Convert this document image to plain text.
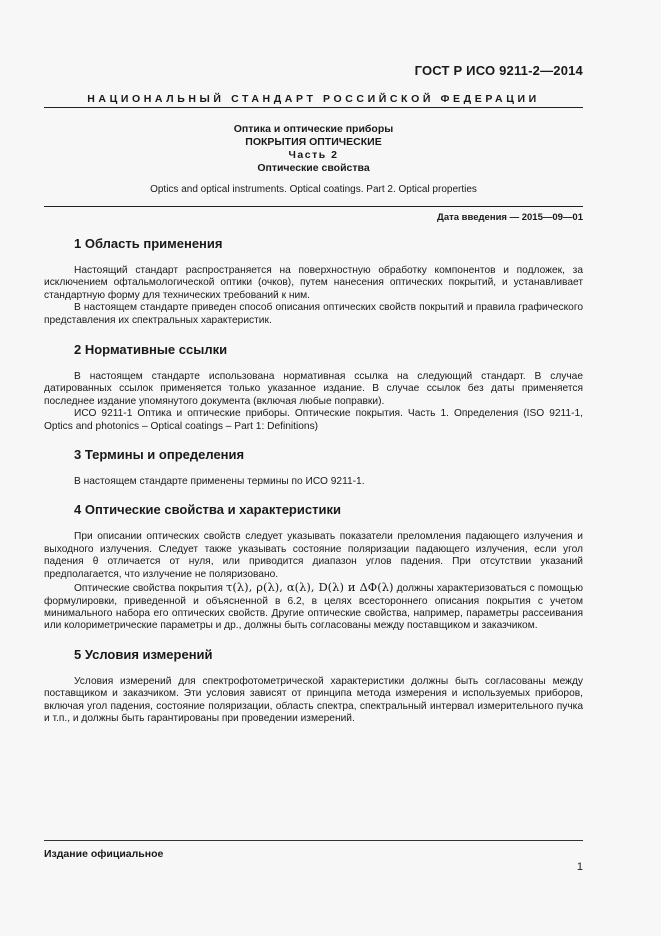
ГОСТ Р ИСО 9211-2—2014
НАЦИОНАЛЬНЫЙ СТАНДАРТ РОССИЙСКОЙ ФЕДЕРАЦИИ
Оптика и оптические приборы
ПОКРЫТИЯ ОПТИЧЕСКИЕ
Часть 2
Оптические свойства
Optics and optical instruments. Optical coatings. Part 2. Optical properties
Дата введения — 2015—09—01
1 Область применения

Настоящий стандарт распространяется на поверхностную обработку компонентов и подложек, за исключением офтальмологической оптики (очков), путем нанесения оптических покрытий, и устанавливает стандартную форму для технических требований к ним.

В настоящем стандарте приведен способ описания оптических свойств покрытий и правила графического представления их спектральных характеристик.

2 Нормативные ссылки

В настоящем стандарте использована нормативная ссылка на следующий стандарт. В случае датированных ссылок применяется только указанное издание. В случае ссылок без даты применяется последнее издание упомянутого документа (включая любые поправки).

ИСО 9211-1 Оптика и оптические приборы. Оптические покрытия. Часть 1. Определения (ISO 9211-1, Optics and photonics – Optical coatings – Part 1: Definitions)

3 Термины и определения

В настоящем стандарте применены термины по ИСО 9211-1.

4 Оптические свойства и характеристики

При описании оптических свойств следует указывать показатели преломления падающего излучения и выходного излучения. Следует также указывать состояние поляризации падающего излучения, если угол падения θ отличается от нуля, или приводится диапазон углов падения. При отсутствии указаний предполагается, что излучение не поляризовано.

Оптические свойства покрытия τ(λ), ρ(λ), α(λ), D(λ) и ΔΦ(λ) должны характеризоваться с помощью формулировки, приведенной и объясненной в 6.2, в целях всестороннего описания покрытия с учетом минимального набора его оптических свойств. Другие оптические свойства, например, параметры рассеивания или колориметрические параметры и др., должны быть согласованы между поставщиком и заказчиком.

5 Условия измерений

Условия измерений для спектрофотометрической характеристики должны быть согласованы между поставщиком и заказчиком. Эти условия зависят от принципа метода измерения и используемых приборов, включая угол падения, состояние поляризации, область спектра, спектральный интервал измерительного пучка и т.п., и должны быть гарантированы при проведении измерений.

Издание официальное
1
